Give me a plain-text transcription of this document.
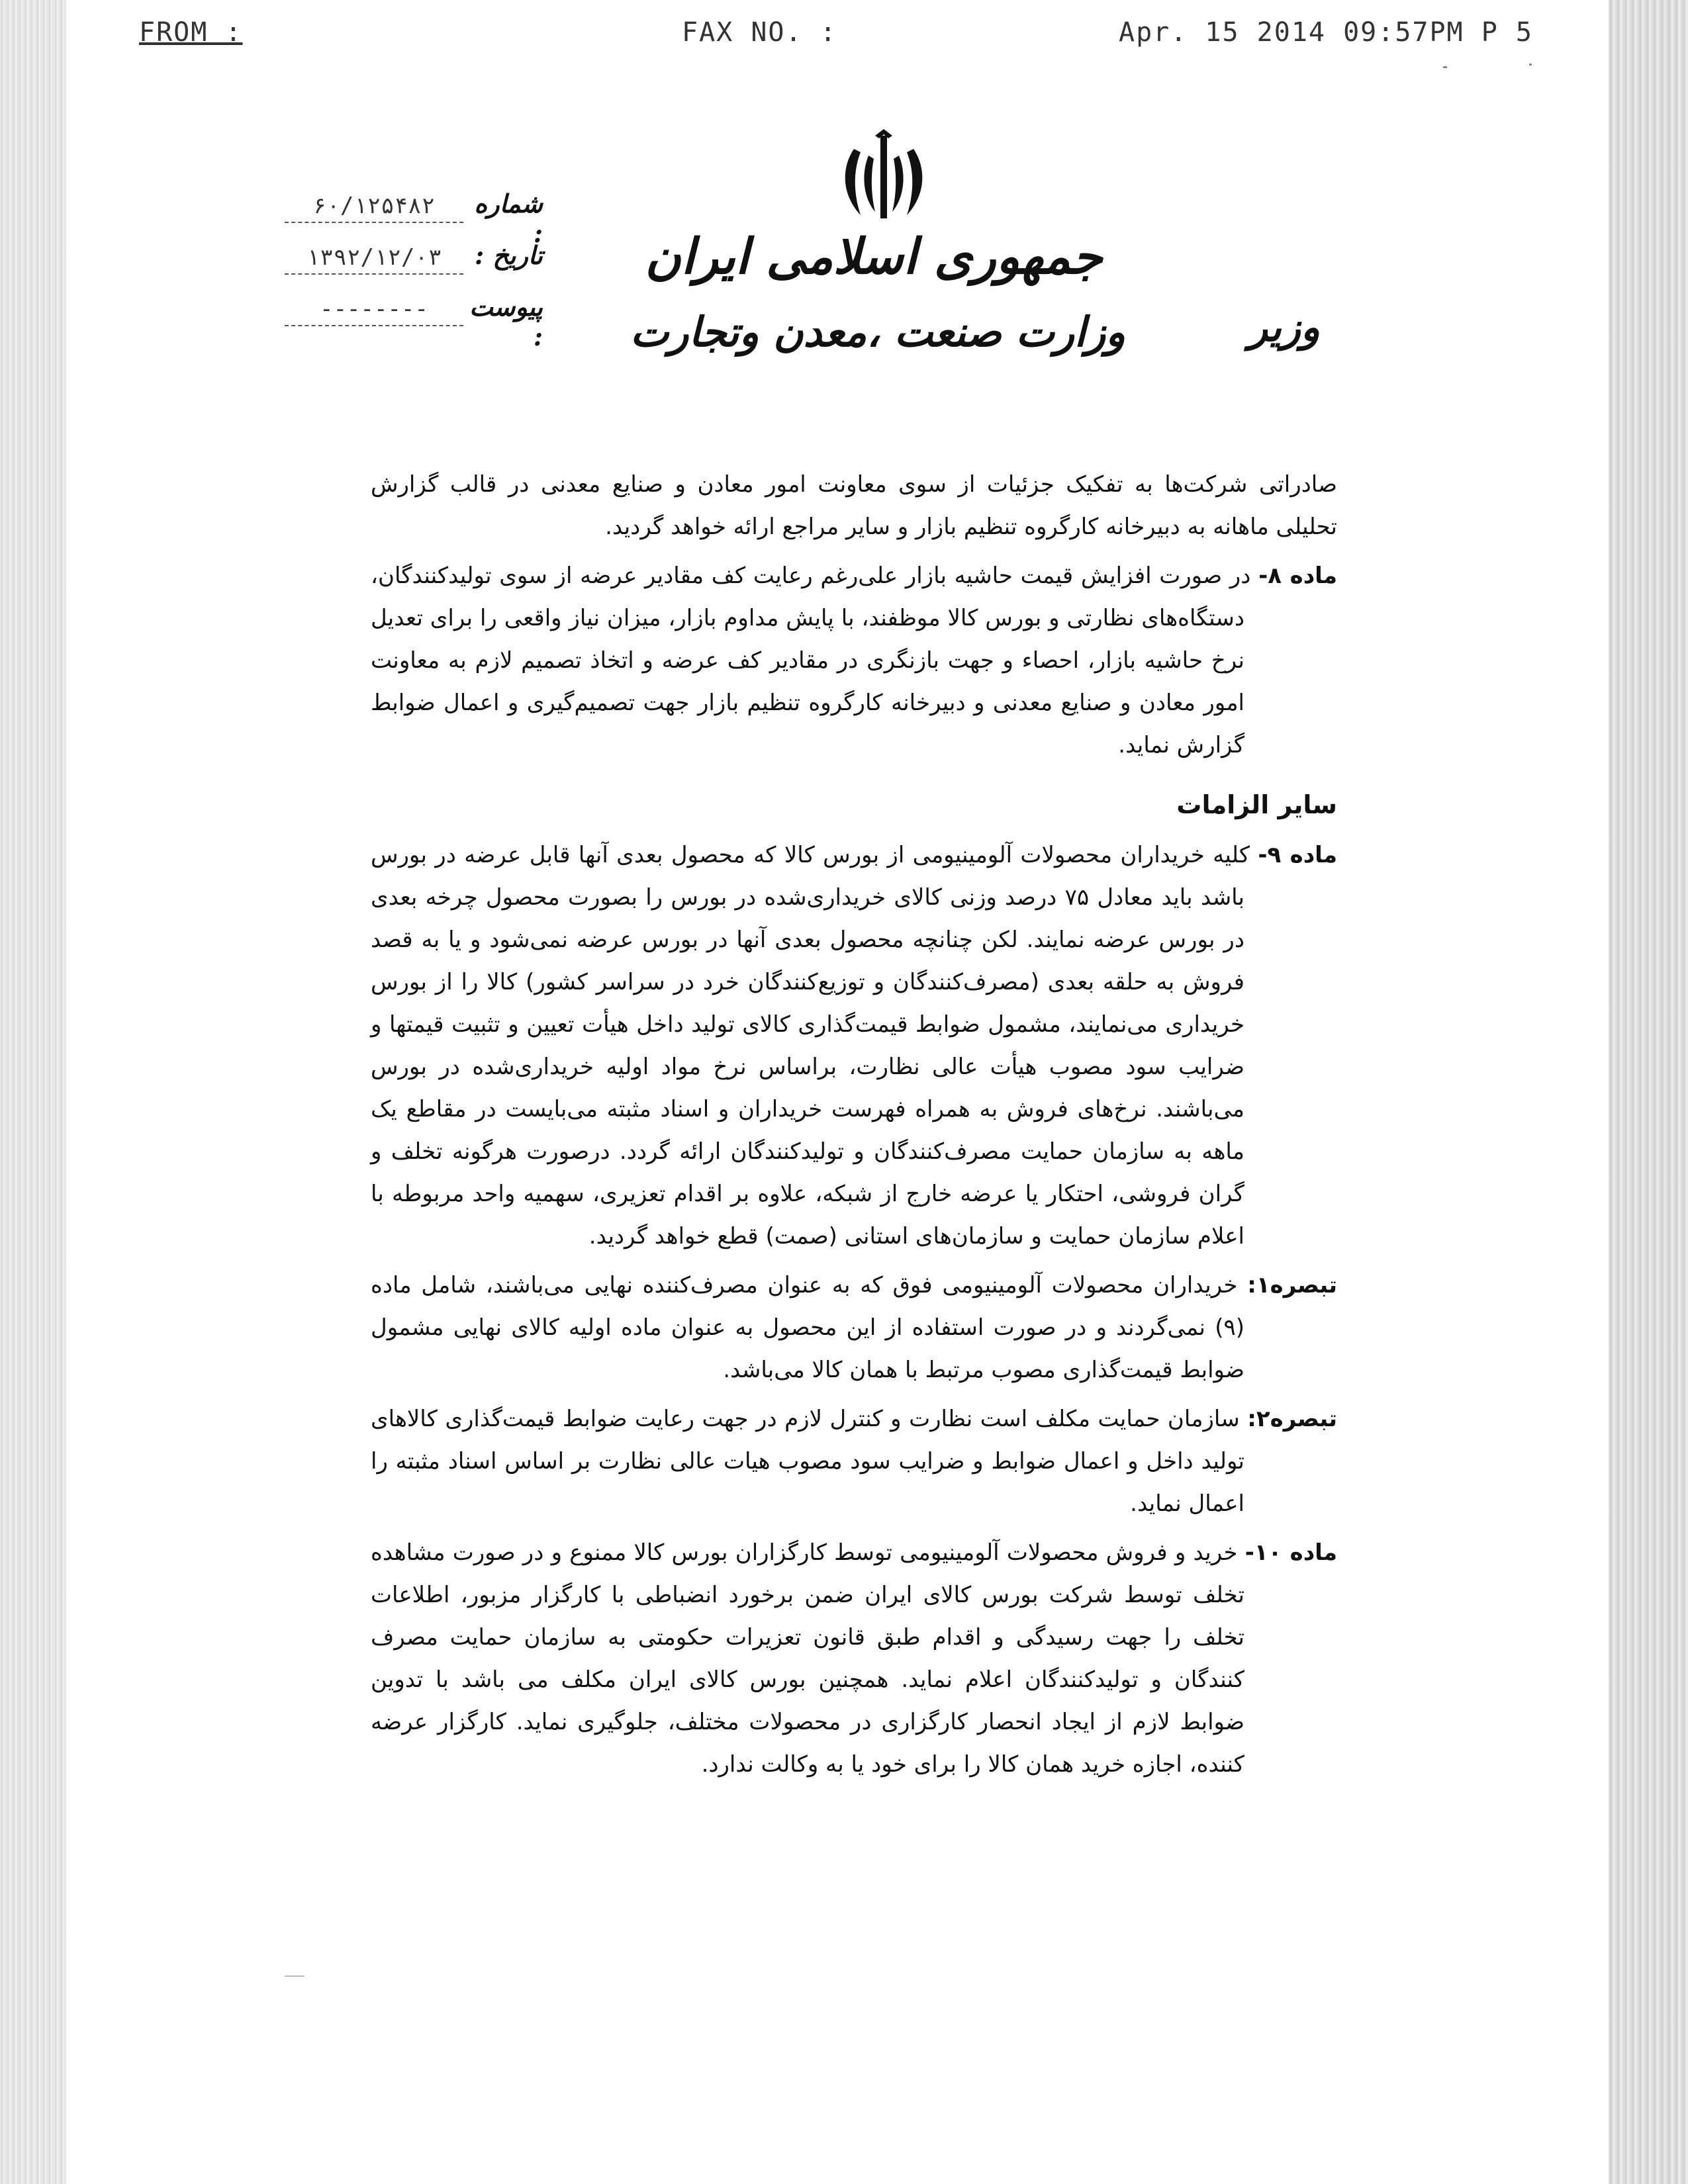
FROM :	FAX NO. :	Apr. 15 2014 09:57PM P 5
جمهوری اسلامی ایران
وزارت صنعت ،معدن وتجارت	وزیر
شماره :
۶۰/۱۲۵۴۸۲
تاریخ :
۱۳۹۲/۱۲/۰۳
پیوست :
--------

صادراتی شرکت‌ها به تفکیک جزئیات از سوی معاونت امور معادن و صنایع معدنی در قالب گزارش تحلیلی ماهانه به دبیرخانه کارگروه تنظیم بازار و سایر مراجع ارائه خواهد گردید.

ماده ۸- در صورت افزایش قیمت حاشیه بازار علی‌رغم رعایت کف مقادیر عرضه از سوی تولیدکنندگان، دستگاه‌های نظارتی و بورس کالا موظفند، با پایش مداوم بازار، میزان نیاز واقعی را برای تعدیل نرخ حاشیه بازار، احصاء و جهت بازنگری در مقادیر کف عرضه و اتخاذ تصمیم لازم به معاونت امور معادن و صنایع معدنی و دبیرخانه کارگروه تنظیم بازار جهت تصمیم‌گیری و اعمال ضوابط گزارش نماید.

سایر الزامات

ماده ۹- کلیه خریداران محصولات آلومینیومی از بورس کالا که محصول بعدی آنها قابل عرضه در بورس باشد باید معادل ۷۵ درصد وزنی کالای خریداری‌شده در بورس را بصورت محصول چرخه بعدی در بورس عرضه نمایند. لکن چنانچه محصول بعدی آنها در بورس عرضه نمی‌شود و یا به قصد فروش به حلقه بعدی (مصرف‌کنندگان و توزیع‌کنندگان خرد در سراسر کشور) کالا را از بورس خریداری می‌نمایند، مشمول ضوابط قیمت‌گذاری کالای تولید داخل هیأت تعیین و تثبیت قیمتها و ضرایب سود مصوب هیأت عالی نظارت، براساس نرخ مواد اولیه خریداری‌شده در بورس می‌باشند. نرخ‌های فروش به همراه فهرست خریداران و اسناد مثبته می‌بایست در مقاطع یک ماهه به سازمان حمایت مصرف‌کنندگان و تولیدکنندگان ارائه گردد. درصورت هرگونه تخلف و گران فروشی، احتکار یا عرضه خارج از شبکه، علاوه بر اقدام تعزیری، سهمیه واحد مربوطه با اعلام سازمان حمایت و سازمان‌های استانی (صمت) قطع خواهد گردید.

تبصره۱: خریداران محصولات آلومینیومی فوق که به عنوان مصرف‌کننده نهایی می‌باشند، شامل ماده (۹) نمی‌گردند و در صورت استفاده از این محصول به عنوان ماده اولیه کالای نهایی مشمول ضوابط قیمت‌گذاری مصوب مرتبط با همان کالا می‌باشد.

تبصره۲: سازمان حمایت مکلف است نظارت و کنترل لازم در جهت رعایت ضوابط قیمت‌گذاری کالاهای تولید داخل و اعمال ضوابط و ضرایب سود مصوب هیات عالی نظارت بر اساس اسناد مثبته را اعمال نماید.

ماده ۱۰- خرید و فروش محصولات آلومینیومی توسط کارگزاران بورس کالا ممنوع و در صورت مشاهده تخلف توسط شرکت بورس کالای ایران ضمن برخورد انضباطی با کارگزار مزبور، اطلاعات تخلف را جهت رسیدگی و اقدام طبق قانون تعزیرات حکومتی به سازمان حمایت مصرف کنندگان و تولیدکنندگان اعلام نماید. همچنین بورس کالای ایران مکلف می باشد با تدوین ضوابط لازم از ایجاد انحصار کارگزاری در محصولات مختلف، جلوگیری نماید. کارگزار عرضه کننده، اجازه خرید همان کالا را برای خود یا به وکالت ندارد.
